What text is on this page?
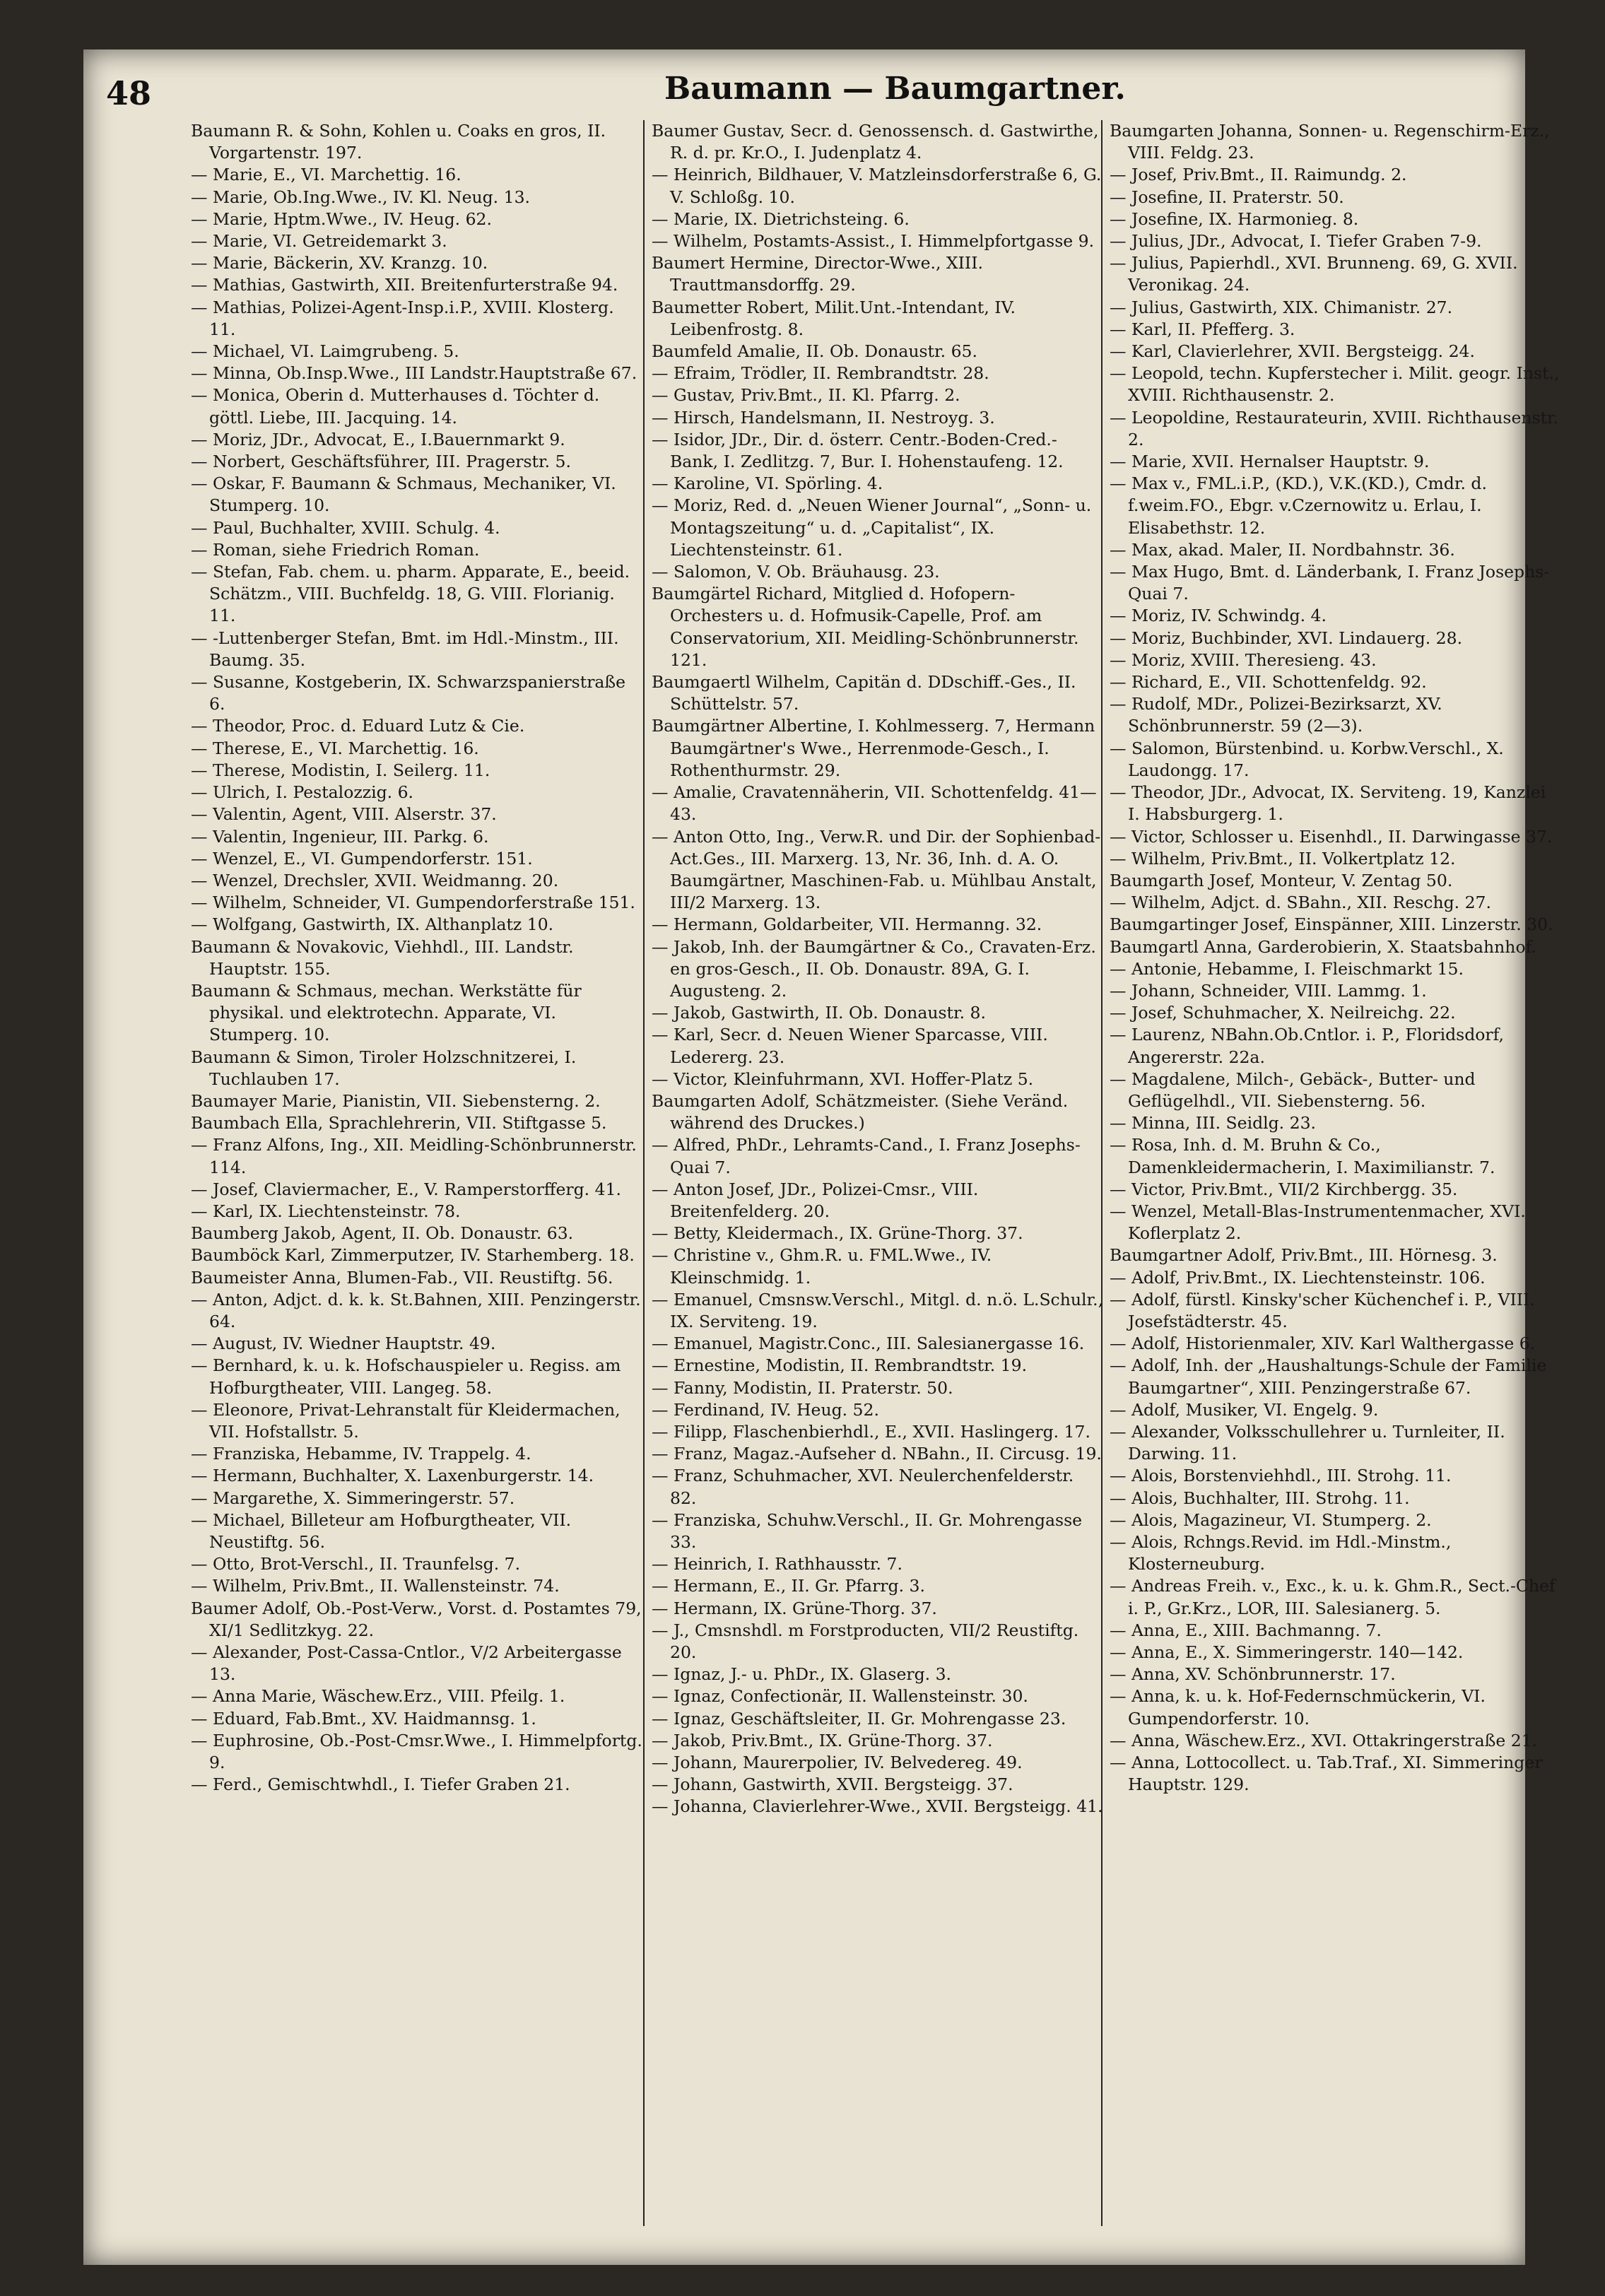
48	Baumann — Baumgartner.

Baumann R. & Sohn, Kohlen u. Coaks en gros, II. Vorgartenstr. 197.

— Marie, E., VI. Marchettig. 16.

— Marie, Ob.Ing.Wwe., IV. Kl. Neug. 13.

— Marie, Hptm.Wwe., IV. Heug. 62.

— Marie, VI. Getreidemarkt 3.

— Marie, Bäckerin, XV. Kranzg. 10.

— Mathias, Gastwirth, XII. Breitenfurterstraße 94.

— Mathias, Polizei-Agent-Insp.i.P., XVIII. Klosterg. 11.

— Michael, VI. Laimgrubeng. 5.

— Minna, Ob.Insp.Wwe., III Landstr.Hauptstraße 67.

— Monica, Oberin d. Mutterhauses d. Töchter d. göttl. Liebe, III. Jacquing. 14.

— Moriz, JDr., Advocat, E., I.Bauernmarkt 9.

— Norbert, Geschäftsführer, III. Pragerstr. 5.

— Oskar, F. Baumann & Schmaus, Mechaniker, VI. Stumperg. 10.

— Paul, Buchhalter, XVIII. Schulg. 4.

— Roman, siehe Friedrich Roman.

— Stefan, Fab. chem. u. pharm. Apparate, E., beeid. Schätzm., VIII. Buchfeldg. 18, G. VIII. Florianig. 11.

— -Luttenberger Stefan, Bmt. im Hdl.-Minstm., III. Baumg. 35.

— Susanne, Kostgeberin, IX. Schwarzspanierstraße 6.

— Theodor, Proc. d. Eduard Lutz & Cie.

— Therese, E., VI. Marchettig. 16.

— Therese, Modistin, I. Seilerg. 11.

— Ulrich, I. Pestalozzig. 6.

— Valentin, Agent, VIII. Alserstr. 37.

— Valentin, Ingenieur, III. Parkg. 6.

— Wenzel, E., VI. Gumpendorferstr. 151.

— Wenzel, Drechsler, XVII. Weidmanng. 20.

— Wilhelm, Schneider, VI. Gumpendorferstraße 151.

— Wolfgang, Gastwirth, IX. Althanplatz 10.

Baumann & Novakovic, Viehhdl., III. Landstr. Hauptstr. 155.

Baumann & Schmaus, mechan. Werkstätte für physikal. und elektrotechn. Apparate, VI. Stumperg. 10.

Baumann & Simon, Tiroler Holzschnitzerei, I. Tuchlauben 17.

Baumayer Marie, Pianistin, VII. Siebensterng. 2.

Baumbach Ella, Sprachlehrerin, VII. Stiftgasse 5.

— Franz Alfons, Ing., XII. Meidling-Schönbrunnerstr. 114.

— Josef, Claviermacher, E., V. Ramperstorfferg. 41.

— Karl, IX. Liechtensteinstr. 78.

Baumberg Jakob, Agent, II. Ob. Donaustr. 63.

Baumböck Karl, Zimmerputzer, IV. Starhemberg. 18.

Baumeister Anna, Blumen-Fab., VII. Reustiftg. 56.

— Anton, Adjct. d. k. k. St.Bahnen, XIII. Penzingerstr. 64.

— August, IV. Wiedner Hauptstr. 49.

— Bernhard, k. u. k. Hofschauspieler u. Regiss. am Hofburgtheater, VIII. Langeg. 58.

— Eleonore, Privat-Lehranstalt für Kleidermachen, VII. Hofstallstr. 5.

— Franziska, Hebamme, IV. Trappelg. 4.

— Hermann, Buchhalter, X. Laxenburgerstr. 14.

— Margarethe, X. Simmeringerstr. 57.

— Michael, Billeteur am Hofburgtheater, VII. Neustiftg. 56.

— Otto, Brot-Verschl., II. Traunfelsg. 7.

— Wilhelm, Priv.Bmt., II. Wallensteinstr. 74.

Baumer Adolf, Ob.-Post-Verw., Vorst. d. Postamtes 79, XI/1 Sedlitzkyg. 22.

— Alexander, Post-Cassa-Cntlor., V/2 Arbeitergasse 13.

— Anna Marie, Wäschew.Erz., VIII. Pfeilg. 1.

— Eduard, Fab.Bmt., XV. Haidmannsg. 1.

— Euphrosine, Ob.-Post-Cmsr.Wwe., I. Himmelpfortg. 9.

— Ferd., Gemischtwhdl., I. Tiefer Graben 21.

Baumer Gustav, Secr. d. Genossensch. d. Gastwirthe, R. d. pr. Kr.O., I. Judenplatz 4.

— Heinrich, Bildhauer, V. Matzleinsdorferstraße 6, G. V. Schloßg. 10.

— Marie, IX. Dietrichsteing. 6.

— Wilhelm, Postamts-Assist., I. Himmelpfortgasse 9.

Baumert Hermine, Director-Wwe., XIII. Trauttmansdorffg. 29.

Baumetter Robert, Milit.Unt.-Intendant, IV. Leibenfrostg. 8.

Baumfeld Amalie, II. Ob. Donaustr. 65.

— Efraim, Trödler, II. Rembrandtstr. 28.

— Gustav, Priv.Bmt., II. Kl. Pfarrg. 2.

— Hirsch, Handelsmann, II. Nestroyg. 3.

— Isidor, JDr., Dir. d. österr. Centr.-Boden-Cred.-Bank, I. Zedlitzg. 7, Bur. I. Hohenstaufeng. 12.

— Karoline, VI. Spörling. 4.

— Moriz, Red. d. „Neuen Wiener Journal“, „Sonn- u. Montagszeitung“ u. d. „Capitalist“, IX. Liechtensteinstr. 61.

— Salomon, V. Ob. Bräuhausg. 23.

Baumgärtel Richard, Mitglied d. Hofopern-Orchesters u. d. Hofmusik-Capelle, Prof. am Conservatorium, XII. Meidling-Schönbrunnerstr. 121.

Baumgaertl Wilhelm, Capitän d. DDschiff.-Ges., II. Schüttelstr. 57.

Baumgärtner Albertine, I. Kohlmesserg. 7, Hermann Baumgärtner's Wwe., Herrenmode-Gesch., I. Rothenthurmstr. 29.

— Amalie, Cravatennäherin, VII. Schottenfeldg. 41—43.

— Anton Otto, Ing., Verw.R. und Dir. der Sophienbad-Act.Ges., III. Marxerg. 13, Nr. 36, Inh. d. A. O. Baumgärtner, Maschinen-Fab. u. Mühlbau Anstalt, III/2 Marxerg. 13.

— Hermann, Goldarbeiter, VII. Hermanng. 32.

— Jakob, Inh. der Baumgärtner & Co., Cravaten-Erz. en gros-Gesch., II. Ob. Donaustr. 89A, G. I. Augusteng. 2.

— Jakob, Gastwirth, II. Ob. Donaustr. 8.

— Karl, Secr. d. Neuen Wiener Sparcasse, VIII. Ledererg. 23.

— Victor, Kleinfuhrmann, XVI. Hoffer-Platz 5.

Baumgarten Adolf, Schätzmeister. (Siehe Veränd. während des Druckes.)

— Alfred, PhDr., Lehramts-Cand., I. Franz Josephs-Quai 7.

— Anton Josef, JDr., Polizei-Cmsr., VIII. Breitenfelderg. 20.

— Betty, Kleidermach., IX. Grüne-Thorg. 37.

— Christine v., Ghm.R. u. FML.Wwe., IV. Kleinschmidg. 1.

— Emanuel, Cmsnsw.Verschl., Mitgl. d. n.ö. L.Schulr., IX. Serviteng. 19.

— Emanuel, Magistr.Conc., III. Salesianergasse 16.

— Ernestine, Modistin, II. Rembrandtstr. 19.

— Fanny, Modistin, II. Praterstr. 50.

— Ferdinand, IV. Heug. 52.

— Filipp, Flaschenbierhdl., E., XVII. Haslingerg. 17.

— Franz, Magaz.-Aufseher d. NBahn., II. Circusg. 19.

— Franz, Schuhmacher, XVI. Neulerchenfelderstr. 82.

— Franziska, Schuhw.Verschl., II. Gr. Mohrengasse 33.

— Heinrich, I. Rathhausstr. 7.

— Hermann, E., II. Gr. Pfarrg. 3.

— Hermann, IX. Grüne-Thorg. 37.

— J., Cmsnshdl. m Forstproducten, VII/2 Reustiftg. 20.

— Ignaz, J.- u. PhDr., IX. Glaserg. 3.

— Ignaz, Confectionär, II. Wallensteinstr. 30.

— Ignaz, Geschäftsleiter, II. Gr. Mohrengasse 23.

— Jakob, Priv.Bmt., IX. Grüne-Thorg. 37.

— Johann, Maurerpolier, IV. Belvedereg. 49.

— Johann, Gastwirth, XVII. Bergsteigg. 37.

— Johanna, Clavierlehrer-Wwe., XVII. Bergsteigg. 41.

Baumgarten Johanna, Sonnen- u. Regenschirm-Erz., VIII. Feldg. 23.

— Josef, Priv.Bmt., II. Raimundg. 2.

— Josefine, II. Praterstr. 50.

— Josefine, IX. Harmonieg. 8.

— Julius, JDr., Advocat, I. Tiefer Graben 7-9.

— Julius, Papierhdl., XVI. Brunneng. 69, G. XVII. Veronikag. 24.

— Julius, Gastwirth, XIX. Chimanistr. 27.

— Karl, II. Pfefferg. 3.

— Karl, Clavierlehrer, XVII. Bergsteigg. 24.

— Leopold, techn. Kupferstecher i. Milit. geogr. Inst., XVIII. Richthausenstr. 2.

— Leopoldine, Restaurateurin, XVIII. Richthausenstr. 2.

— Marie, XVII. Hernalser Hauptstr. 9.

— Max v., FML.i.P., (KD.), V.K.(KD.), Cmdr. d. f.weim.FO., Ebgr. v.Czernowitz u. Erlau, I. Elisabethstr. 12.

— Max, akad. Maler, II. Nordbahnstr. 36.

— Max Hugo, Bmt. d. Länderbank, I. Franz Josephs-Quai 7.

— Moriz, IV. Schwindg. 4.

— Moriz, Buchbinder, XVI. Lindauerg. 28.

— Moriz, XVIII. Theresieng. 43.

— Richard, E., VII. Schottenfeldg. 92.

— Rudolf, MDr., Polizei-Bezirksarzt, XV. Schönbrunnerstr. 59 (2—3).

— Salomon, Bürstenbind. u. Korbw.Verschl., X. Laudongg. 17.

— Theodor, JDr., Advocat, IX. Serviteng. 19, Kanzlei I. Habsburgerg. 1.

— Victor, Schlosser u. Eisenhdl., II. Darwingasse 37.

— Wilhelm, Priv.Bmt., II. Volkertplatz 12.

Baumgarth Josef, Monteur, V. Zentag 50.

— Wilhelm, Adjct. d. SBahn., XII. Reschg. 27.

Baumgartinger Josef, Einspänner, XIII. Linzerstr. 30.

Baumgartl Anna, Garderobierin, X. Staatsbahnhof.

— Antonie, Hebamme, I. Fleischmarkt 15.

— Johann, Schneider, VIII. Lammg. 1.

— Josef, Schuhmacher, X. Neilreichg. 22.

— Laurenz, NBahn.Ob.Cntlor. i. P., Floridsdorf, Angererstr. 22a.

— Magdalene, Milch-, Gebäck-, Butter- und Geflügelhdl., VII. Siebensterng. 56.

— Minna, III. Seidlg. 23.

— Rosa, Inh. d. M. Bruhn & Co., Damenkleidermacherin, I. Maximilianstr. 7.

— Victor, Priv.Bmt., VII/2 Kirchbergg. 35.

— Wenzel, Metall-Blas-Instrumentenmacher, XVI. Koflerplatz 2.

Baumgartner Adolf, Priv.Bmt., III. Hörnesg. 3.

— Adolf, Priv.Bmt., IX. Liechtensteinstr. 106.

— Adolf, fürstl. Kinsky'scher Küchenchef i. P., VIII. Josefstädterstr. 45.

— Adolf, Historienmaler, XIV. Karl Walthergasse 6.

— Adolf, Inh. der „Haushaltungs-Schule der Familie Baumgartner“, XIII. Penzingerstraße 67.

— Adolf, Musiker, VI. Engelg. 9.

— Alexander, Volksschullehrer u. Turnleiter, II. Darwing. 11.

— Alois, Borstenviehhdl., III. Strohg. 11.

— Alois, Buchhalter, III. Strohg. 11.

— Alois, Magazineur, VI. Stumperg. 2.

— Alois, Rchngs.Revid. im Hdl.-Minstm., Klosterneuburg.

— Andreas Freih. v., Exc., k. u. k. Ghm.R., Sect.-Chef i. P., Gr.Krz., LOR, III. Salesianerg. 5.

— Anna, E., XIII. Bachmanng. 7.

— Anna, E., X. Simmeringerstr. 140—142.

— Anna, XV. Schönbrunnerstr. 17.

— Anna, k. u. k. Hof-Federnschmückerin, VI. Gumpendorferstr. 10.

— Anna, Wäschew.Erz., XVI. Ottakringerstraße 21.

— Anna, Lottocollect. u. Tab.Traf., XI. Simmeringer Hauptstr. 129.
